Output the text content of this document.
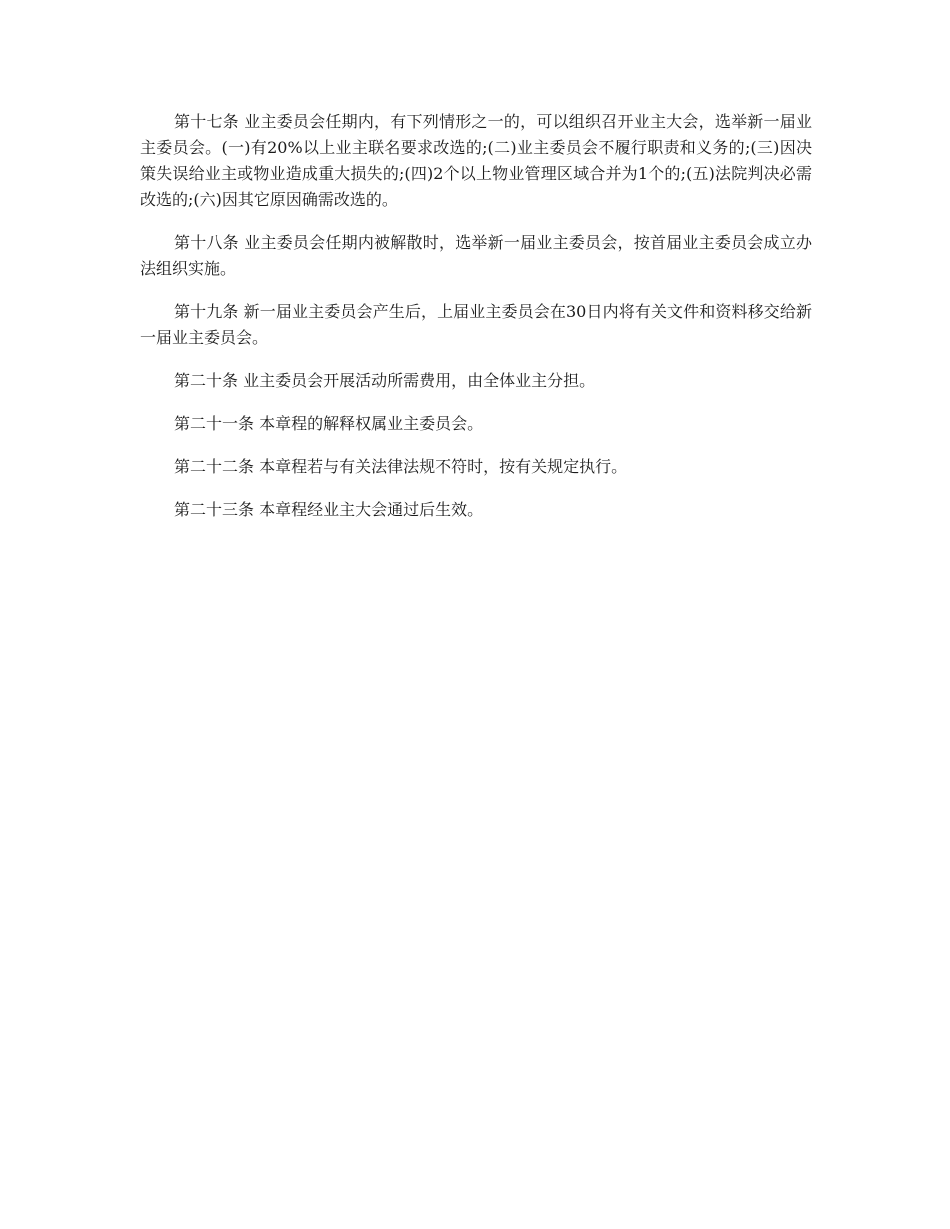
第十七条 业主委员会任期内，有下列情形之一的，可以组织召开业主大会，选举新一届业主委员会。(一)有20%以上业主联名要求改选的;(二)业主委员会不履行职责和义务的;(三)因决策失误给业主或物业造成重大损失的;(四)2个以上物业管理区域合并为1个的;(五)法院判决必需改选的;(六)因其它原因确需改选的。

第十八条 业主委员会任期内被解散时，选举新一届业主委员会，按首届业主委员会成立办法组织实施。

第十九条 新一届业主委员会产生后，上届业主委员会在30日内将有关文件和资料移交给新一届业主委员会。

第二十条 业主委员会开展活动所需费用，由全体业主分担。

第二十一条 本章程的解释权属业主委员会。

第二十二条 本章程若与有关法律法规不符时，按有关规定执行。

第二十三条 本章程经业主大会通过后生效。
